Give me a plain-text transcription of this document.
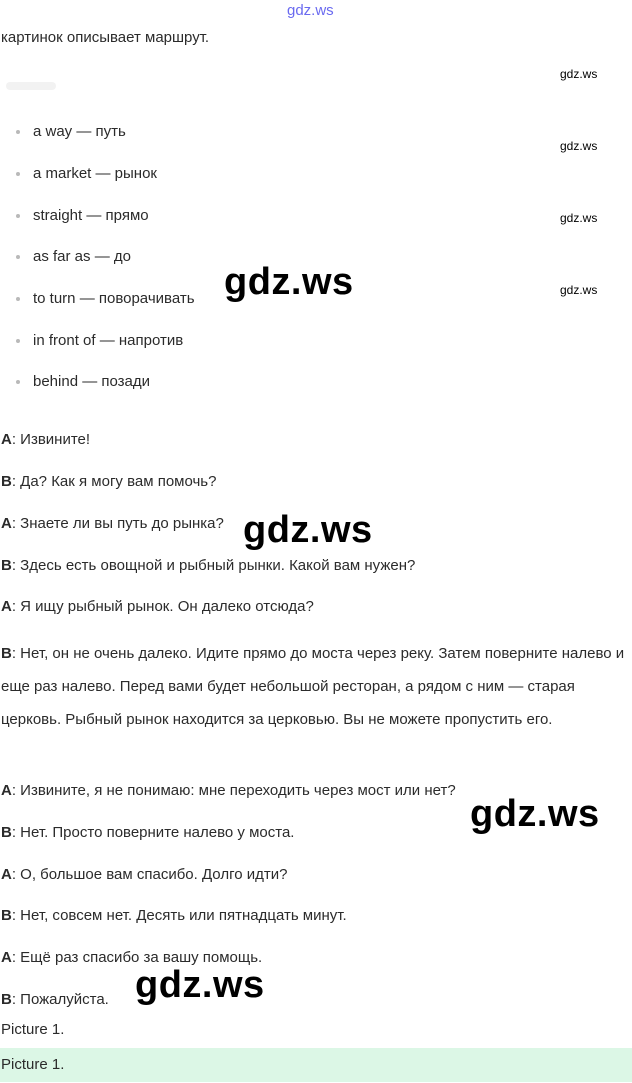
gdz.ws
картинок описывает маршрут.
a way — путь
a market — рынок
straight — прямо
as far as — до
to turn — поворачивать
in front of — напротив
behind — позади
gdz.ws
gdz.ws
gdz.ws
gdz.ws
A: Извините!
B: Да? Как я могу вам помочь?
A: Знаете ли вы путь до рынка?
B: Здесь есть овощной и рыбный рынки. Какой вам нужен?
A: Я ищу рыбный рынок. Он далеко отсюда?
B: Нет, он не очень далеко. Идите прямо до моста через реку. Затем поверните налево и еще раз налево. Перед вами будет небольшой ресторан, а рядом с ним — старая церковь. Рыбный рынок находится за церковью. Вы не можете пропустить его.
A: Извините, я не понимаю: мне переходить через мост или нет?
B: Нет. Просто поверните налево у моста.
A: О, большое вам спасибо. Долго идти?
B: Нет, совсем нет. Десять или пятнадцать минут.
A: Ещё раз спасибо за вашу помощь.
B: Пожалуйста.
Picture 1.
Picture 1.
gdz.ws
gdz.ws
gdz.ws
gdz.ws
